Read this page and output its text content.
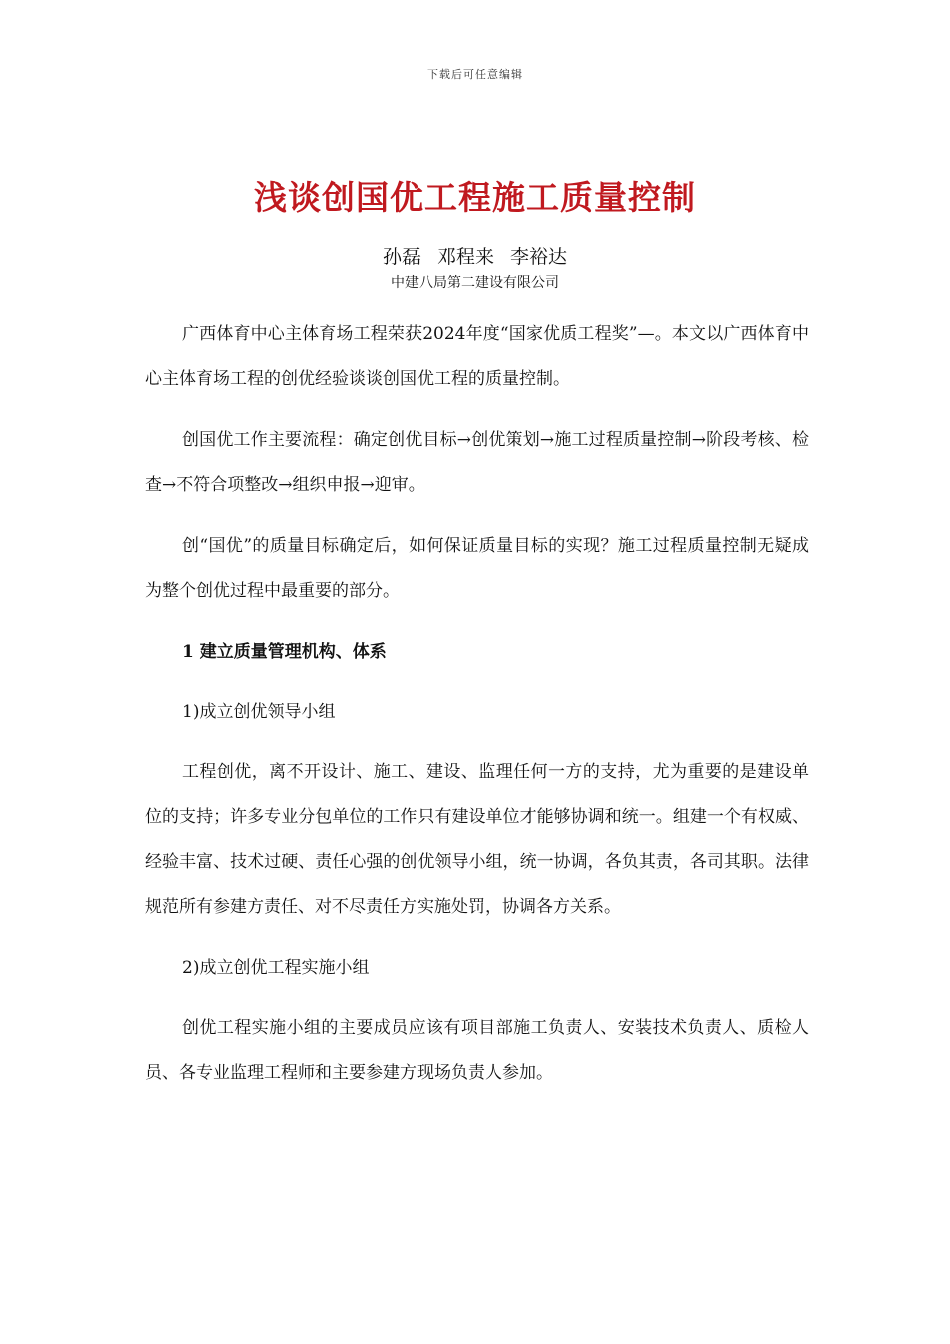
下载后可任意编辑
浅谈创国优工程施工质量控制
孙磊 邓程来 李裕达
中建八局第二建设有限公司

广西体育中心主体育场工程荣获2024年度“国家优质工程奖”—。本文以广西体育中心主体育场工程的创优经验谈谈创国优工程的质量控制。

创国优工作主要流程：确定创优目标→创优策划→施工过程质量控制→阶段考核、检查→不符合项整改→组织申报→迎审。

创“国优”的质量目标确定后，如何保证质量目标的实现？施工过程质量控制无疑成为整个创优过程中最重要的部分。

1 建立质量管理机构、体系

1)成立创优领导小组

工程创优，离不开设计、施工、建设、监理任何一方的支持，尤为重要的是建设单位的支持；许多专业分包单位的工作只有建设单位才能够协调和统一。组建一个有权威、经验丰富、技术过硬、责任心强的创优领导小组，统一协调，各负其责，各司其职。法律规范所有参建方责任、对不尽责任方实施处罚，协调各方关系。

2)成立创优工程实施小组

创优工程实施小组的主要成员应该有项目部施工负责人、安装技术负责人、质检人员、各专业监理工程师和主要参建方现场负责人参加。
